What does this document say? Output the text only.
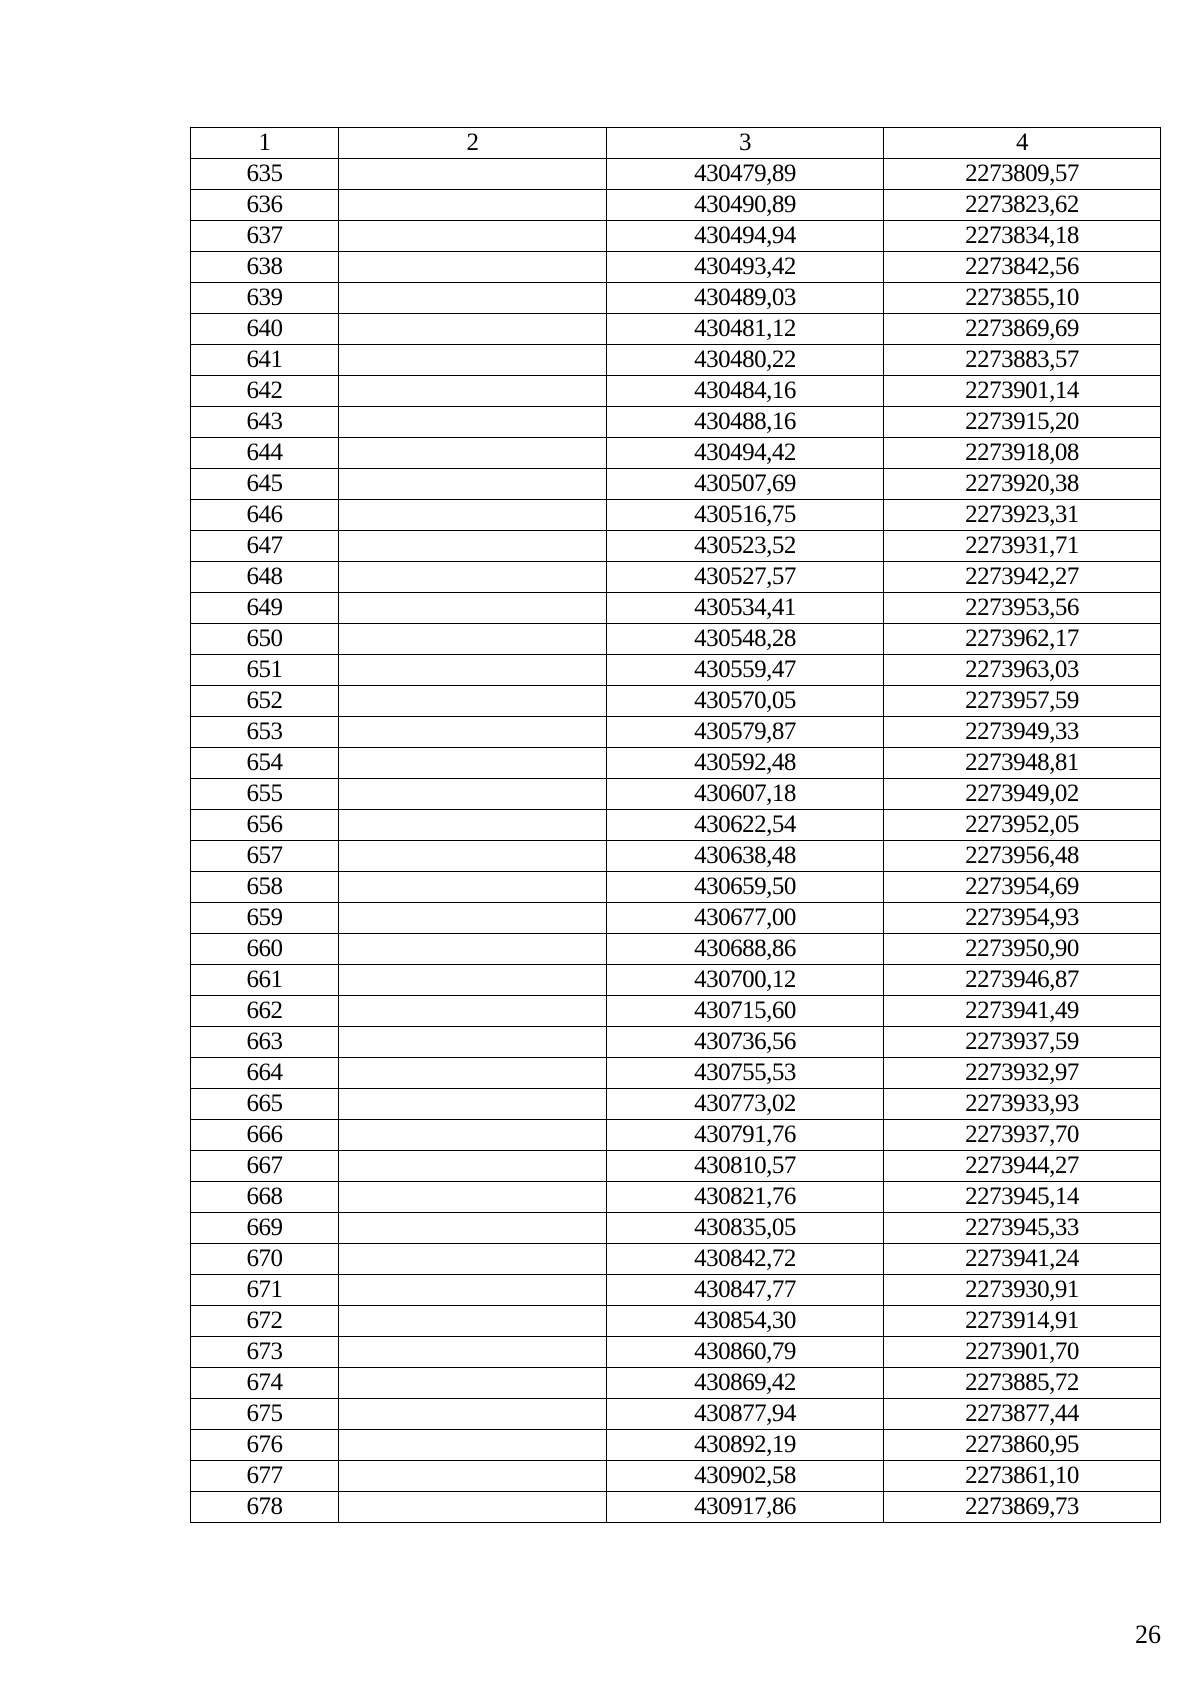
1	2	3	4
635		430479,89	2273809,57
636		430490,89	2273823,62
637		430494,94	2273834,18
638		430493,42	2273842,56
639		430489,03	2273855,10
640		430481,12	2273869,69
641		430480,22	2273883,57
642		430484,16	2273901,14
643		430488,16	2273915,20
644		430494,42	2273918,08
645		430507,69	2273920,38
646		430516,75	2273923,31
647		430523,52	2273931,71
648		430527,57	2273942,27
649		430534,41	2273953,56
650		430548,28	2273962,17
651		430559,47	2273963,03
652		430570,05	2273957,59
653		430579,87	2273949,33
654		430592,48	2273948,81
655		430607,18	2273949,02
656		430622,54	2273952,05
657		430638,48	2273956,48
658		430659,50	2273954,69
659		430677,00	2273954,93
660		430688,86	2273950,90
661		430700,12	2273946,87
662		430715,60	2273941,49
663		430736,56	2273937,59
664		430755,53	2273932,97
665		430773,02	2273933,93
666		430791,76	2273937,70
667		430810,57	2273944,27
668		430821,76	2273945,14
669		430835,05	2273945,33
670		430842,72	2273941,24
671		430847,77	2273930,91
672		430854,30	2273914,91
673		430860,79	2273901,70
674		430869,42	2273885,72
675		430877,94	2273877,44
676		430892,19	2273860,95
677		430902,58	2273861,10
678		430917,86	2273869,73
26
